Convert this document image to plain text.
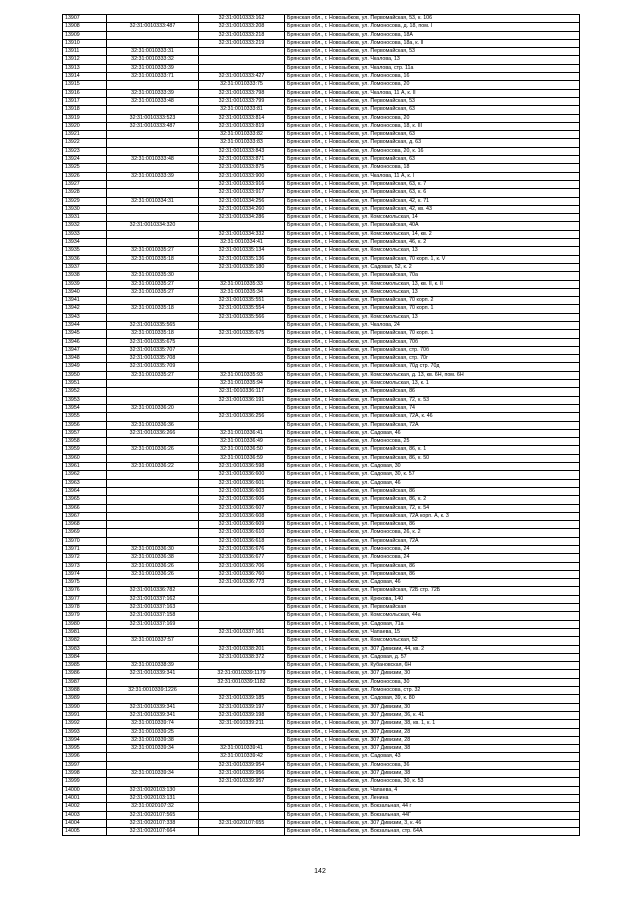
13907		32:31:0010333:162	Брянская обл., г. Новозыбков, ул. Первомайская, 53, к. 106
13908	32:31:0010333:487	32:31:0010333:208	Брянская обл., г. Новозыбков, ул. Ломоносова, д. 18, пом. I
13909		32:31:0010333:218	Брянская обл., г. Новозыбков, ул. Ломоносова, 18А
13910		32:31:0010333:219	Брянская обл., г. Новозыбков, ул. Ломоносова, 18а, к. II
13911	32:31:0010333:31		Брянская обл., г. Новозыбков, ул. Первомайская, 53
13912	32:31:0010333:32		Брянская обл., г. Новозыбков, ул. Чкалова, 13
13913	32:31:0010333:39		Брянская обл., г. Новозыбков, ул. Чкалова, стр. 11а
13914	32:31:0010333:71	32:31:0010333:427	Брянская обл., г. Новозыбков, ул. Ломоносова, 16
13915		32:31:0010333:75	Брянская обл., г. Новозыбков, ул. Ломоносова, 20
13916	32:31:0010333:39	32:31:0010333:798	Брянская обл., г. Новозыбков, ул. Чкалова, 11 А, к. II
13917	32:31:0010333:48	32:31:0010333:799	Брянская обл., г. Новозыбков, ул. Первомайская, 53
13918		32:31:0010333:81	Брянская обл., г. Новозыбков, ул. Первомайская, 63
13919	32:31:0010333:523	32:31:0010333:814	Брянская обл., г. Новозыбков, ул. Ломоносова, 20
13920	32:31:0010333:487	32:31:0010333:819	Брянская обл., г. Новозыбков, ул. Ломоносова, 18, к. III
13921		32:31:0010333:82	Брянская обл., г. Новозыбков, ул. Первомайская, 63
13922		32:31:0010333:83	Брянская обл., г. Новозыбков, ул. Первомайская, д. 63
13923		32:31:0010333:843	Брянская обл., г. Новозыбков, ул. Ломоносова, 20, к. 16
13924	32:31:0010333:48	32:31:0010333:871	Брянская обл., г. Новозыбков, ул. Первомайская, 63
13925		32:31:0010333:875	Брянская обл., г. Новозыбков, ул. Ломоносова, 18
13926	32:31:0010333:39	32:31:0010333:900	Брянская обл., г. Новозыбков, ул. Чкалова, 11 А, к. I
13927		32:31:0010333:916	Брянская обл., г. Новозыбков, ул. Первомайская, 63, к. 7
13928		32:31:0010333:917	Брянская обл., г. Новозыбков, ул. Первомайская, 63, к. 6
13929	32:31:0010334:31	32:31:0010334:256	Брянская обл., г. Новозыбков, ул. Первомайская, 42, к. 71
13930		32:31:0010334:260	Брянская обл., г. Новозыбков, ул. Первомайская, 42, кв. 43
13931		32:31:0010334:286	Брянская обл., г. Новозыбков, ул. Комсомольская, 14
13932	32:31:0010334:320		Брянская обл., г. Новозыбков, ул. Первомайская, 40А
13933		32:31:0010334:332	Брянская обл., г. Новозыбков, ул. Комсомольская, 14, кв. 2
13934		32:31:0010334:41	Брянская обл., г. Новозыбков, ул. Первомайская, 46, к. 2
13935	32:31:0010335:27	32:31:0010335:134	Брянская обл., г. Новозыбков, ул. Комсомольская, 13
13936	32:31:0010335:18	32:31:0010335:136	Брянская обл., г. Новозыбков, ул. Первомайская, 70 корп. 1, к. V
13937		32:31:0010335:180	Брянская обл., г. Новозыбков, ул. Садовая, 52, к. 2
13938	32:31:0010335:30		Брянская обл., г. Новозыбков, ул. Первомайская, 70а
13939	32:31:0010335:27	32:31:0010335:33	Брянская обл., г. Новозыбков, ул. Комсомольская, 13, кв. II, к. II
13940	32:31:0010335:27	32:31:0010335:34	Брянская обл., г. Новозыбков, ул. Комсомольская, 13
13941		32:31:0010335:551	Брянская обл., г. Новозыбков, ул. Первомайская, 70 корп. 2
13942	32:31:0010335:18	32:31:0010335:554	Брянская обл., г. Новозыбков, ул. Первомайская, 70 корп. 1
13943		32:31:0010335:566	Брянская обл., г. Новозыбков, ул. Комсомольская, 13
13944	32:31:0010335:565		Брянская обл., г. Новозыбков, ул. Чкалова, 24
13945	32:31:0010335:18	32:31:0010335:675	Брянская обл., г. Новозыбков, ул. Первомайская, 70 корп. 1
13946	32:31:0010335:675		Брянская обл., г. Новозыбков, ул. Первомайская, 70б
13947	32:31:0010335:707		Брянская обл., г. Новозыбков, ул. Первомайская, стр. 70б
13948	32:31:0010335:708		Брянская обл., г. Новозыбков, ул. Первомайская, стр. 70г
13949	32:31:0010335:709		Брянская обл., г. Новозыбков, ул. Первомайская, 70д стр. 70д
13950	32:31:0010335:27	32:31:0010335:93	Брянская обл., г. Новозыбков, ул. Комсомольская, д. 13, кв. 6Н, пом. 6Н
13951		32:31:0010335:94	Брянская обл., г. Новозыбков, ул. Комсомольская, 13, к. 1
13952		32:31:0010336:117	Брянская обл., г. Новозыбков, ул. Первомайская, 86
13953		32:31:0010336:191	Брянская обл., г. Новозыбков, ул. Первомайская, 72, к. 53
13954	32:31:0010336:20		Брянская обл., г. Новозыбков, ул. Первомайская, 74
13955		32:31:0010336:256	Брянская обл., г. Новозыбков, ул. Первомайская, 72А, к. 46
13956	32:31:0010336:36		Брянская обл., г. Новозыбков, ул. Первомайская, 72А
13957	32:31:0010336:266	32:31:0010336:41	Брянская обл., г. Новозыбков, ул. Садовая, 46
13958		32:31:0010336:49	Брянская обл., г. Новозыбков, ул. Ломоносова, 25
13959	32:31:0010336:26	32:31:0010336:50	Брянская обл., г. Новозыбков, ул. Первомайская, 86, к. 1
13960		32:31:0010336:59	Брянская обл., г. Новозыбков, ул. Первомайская, 86, к. 50
13961	32:31:0010336:22	32:31:0010336:598	Брянская обл., г. Новозыбков, ул. Садовая, 30
13962		32:31:0010336:600	Брянская обл., г. Новозыбков, ул. Садовая, 30, к. 57
13963		32:31:0010336:601	Брянская обл., г. Новозыбков, ул. Садовая, 46
13964		32:31:0010336:603	Брянская обл., г. Новозыбков, ул. Первомайская, 86
13965		32:31:0010336:606	Брянская обл., г. Новозыбков, ул. Первомайская, 86, к. 2
13966		32:31:0010336:607	Брянская обл., г. Новозыбков, ул. Первомайская, 72, к. 54
13967		32:31:0010336:608	Брянская обл., г. Новозыбков, ул. Первомайская, 72А корп. А, к. 3
13968		32:31:0010336:609	Брянская обл., г. Новозыбков, ул. Первомайская, 86
13969		32:31:0010336:610	Брянская обл., г. Новозыбков, ул. Ломоносова, 26, к. 2
13970		32:31:0010336:618	Брянская обл., г. Новозыбков, ул. Первомайская, 72А
13971	32:31:0010336:30	32:31:0010336:676	Брянская обл., г. Новозыбков, ул. Ломоносова, 24
13972	32:31:0010336:38	32:31:0010336:677	Брянская обл., г. Новозыбков, ул. Ломоносова, 24
13973	32:31:0010336:26	32:31:0010336:706	Брянская обл., г. Новозыбков, ул. Первомайская, 86
13974	32:31:0010336:26	32:31:0010336:760	Брянская обл., г. Новозыбков, ул. Первомайская, 86
13975		32:31:0010336:773	Брянская обл., г. Новозыбков, ул. Садовая, 46
13976	32:31:0010336:782		Брянская обл., г. Новозыбков, ул. Первомайская, 72Б стр. 72Б
13977	32:31:0010337:162		Брянская обл., г. Новозыбков, ул. Крюкова, 140
13978	32:31:0010337:163		Брянская обл., г. Новозыбков, ул. Первомайская
13979	32:31:0010337:158		Брянская обл., г. Новозыбков, ул. Комсомольская, 44а
13980	32:31:0010337:169		Брянская обл., г. Новозыбков, ул. Садовая, 71а
13981		32:31:0010337:161	Брянская обл., г. Новозыбков, ул. Чапаева, 15
13982	32:31:0010337:57		Брянская обл., г. Новозыбков, ул. Комсомольская, 52
13983		32:31:0010338:201	Брянская обл., г. Новозыбков, ул. 307 Дивизии, 44, кв. 2
13984		32:31:0010338:372	Брянская обл., г. Новозыбков, ул. Садовая, д. 57
13985	32:31:0010338:39		Брянская обл., г. Новозыбков, ул. Кубановская, 6Н
13986	32:31:0010339:341	32:31:0010339:1179	Брянская обл., г. Новозыбков, ул. 307 Дивизии, 30
13987		32:31:0010339:1182	Брянская обл., г. Новозыбков, ул. Ломоносова, 30
13988	32:31:0010339:1226		Брянская обл., г. Новозыбков, ул. Ломоносова, стр. 32
13989		32:31:0010339:185	Брянская обл., г. Новозыбков, ул. Садовая, 39, к. 80
13990	32:31:0010339:341	32:31:0010339:197	Брянская обл., г. Новозыбков, ул. 307 Дивизии, 30
13991	32:31:0010339:341	32:31:0010339:198	Брянская обл., г. Новозыбков, ул. 307 Дивизии, 36, к. 41
13992	32:31:0010339:74	32:31:0010339:211	Брянская обл., г. Новозыбков, ул. 307 Дивизии, 38, кв. 1, к. 1
13993	32:31:0010339:25		Брянская обл., г. Новозыбков, ул. 307 Дивизии, 28
13994	32:31:0010339:38		Брянская обл., г. Новозыбков, ул. 307 Дивизии, 28
13995	32:31:0010339:34	32:31:0010339:41	Брянская обл., г. Новозыбков, ул. 307 Дивизии, 38
13996		32:31:0010339:42	Брянская обл., г. Новозыбков, ул. Садовая, 43
13997		32:31:0010339:954	Брянская обл., г. Новозыбков, ул. Ломоносова, 36
13998	32:31:0010339:34	32:31:0010339:956	Брянская обл., г. Новозыбков, ул. 307 Дивизии, 38
13999		32:31:0010339:957	Брянская обл., г. Новозыбков, ул. Ломоносова, 30, к. 53
14000	32:31:0020103:130		Брянская обл., г. Новозыбков, ул. Чапаева, 4
14001	32:31:0020103:131		Брянская обл., г. Новозыбков, ул. Ленина
14002	32:31:0020107:32		Брянская обл., г. Новозыбков, ул. Вокзальная, 44 г
14003	32:31:0020107:565		Брянская обл., г. Новозыбков, ул. Вокзальная, 44Г
14004	32:31:0020107:338	32:31:0020107:655	Брянская обл., г. Новозыбков, ул. 307 Дивизии, 3, к. 46
14005	32:31:0020107:664		Брянская обл., г. Новозыбков, ул. Вокзальная, стр. 64А
142
